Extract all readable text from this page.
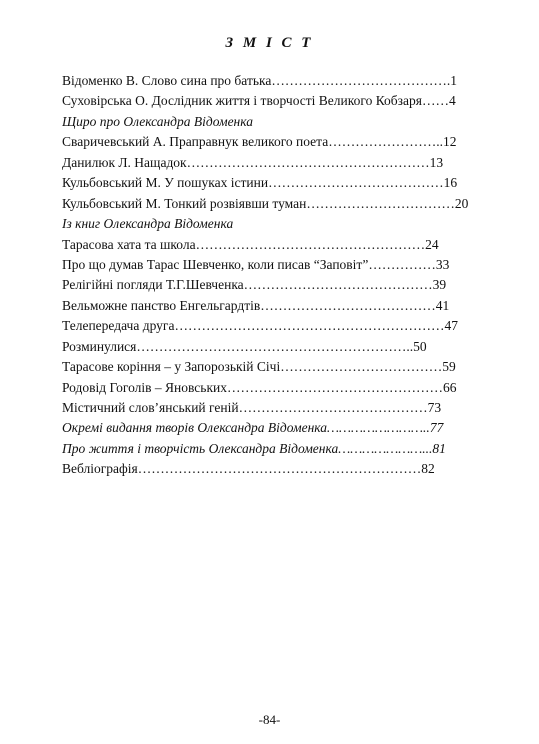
З М І С Т
Відоменко В. Слово сина про батька………………………………….1
Суховірська О. Дослідник життя і творчості Великого Кобзаря……4
Щиро про Олександра Відоменка
Сваричевський А. Праправнук великого поета……………………..12
Данилюк Л. Нащадок………………………………………………13
Кульбовський М. У пошуках істини…………………………………16
Кульбовський М. Тонкий розвіявши туман……………………………20
Із книг Олександра Відоменка
Тарасова хата та школа……………………………………………24
Про що думав Тарас Шевченко, коли писав “Заповіт”……………33
Релігійні погляди Т.Г.Шевченка……………………………………39
Вельможне панство Енгельгардтів…………………………………41
Телепередача друга……………………………………………………47
Розминулися……………………………………………………..50
Тарасове коріння – у Запорозькій Січі………………………………59
Родовід Гоголів – Яновських…………………………………………66
Містичний слов’янський геній……………………………………73
Окремі видання творів Олександра Відоменка……………………..77
Про життя і творчість Олександра Відоменка…………………...81
Вебліографія………………………………………………………82
-84-
